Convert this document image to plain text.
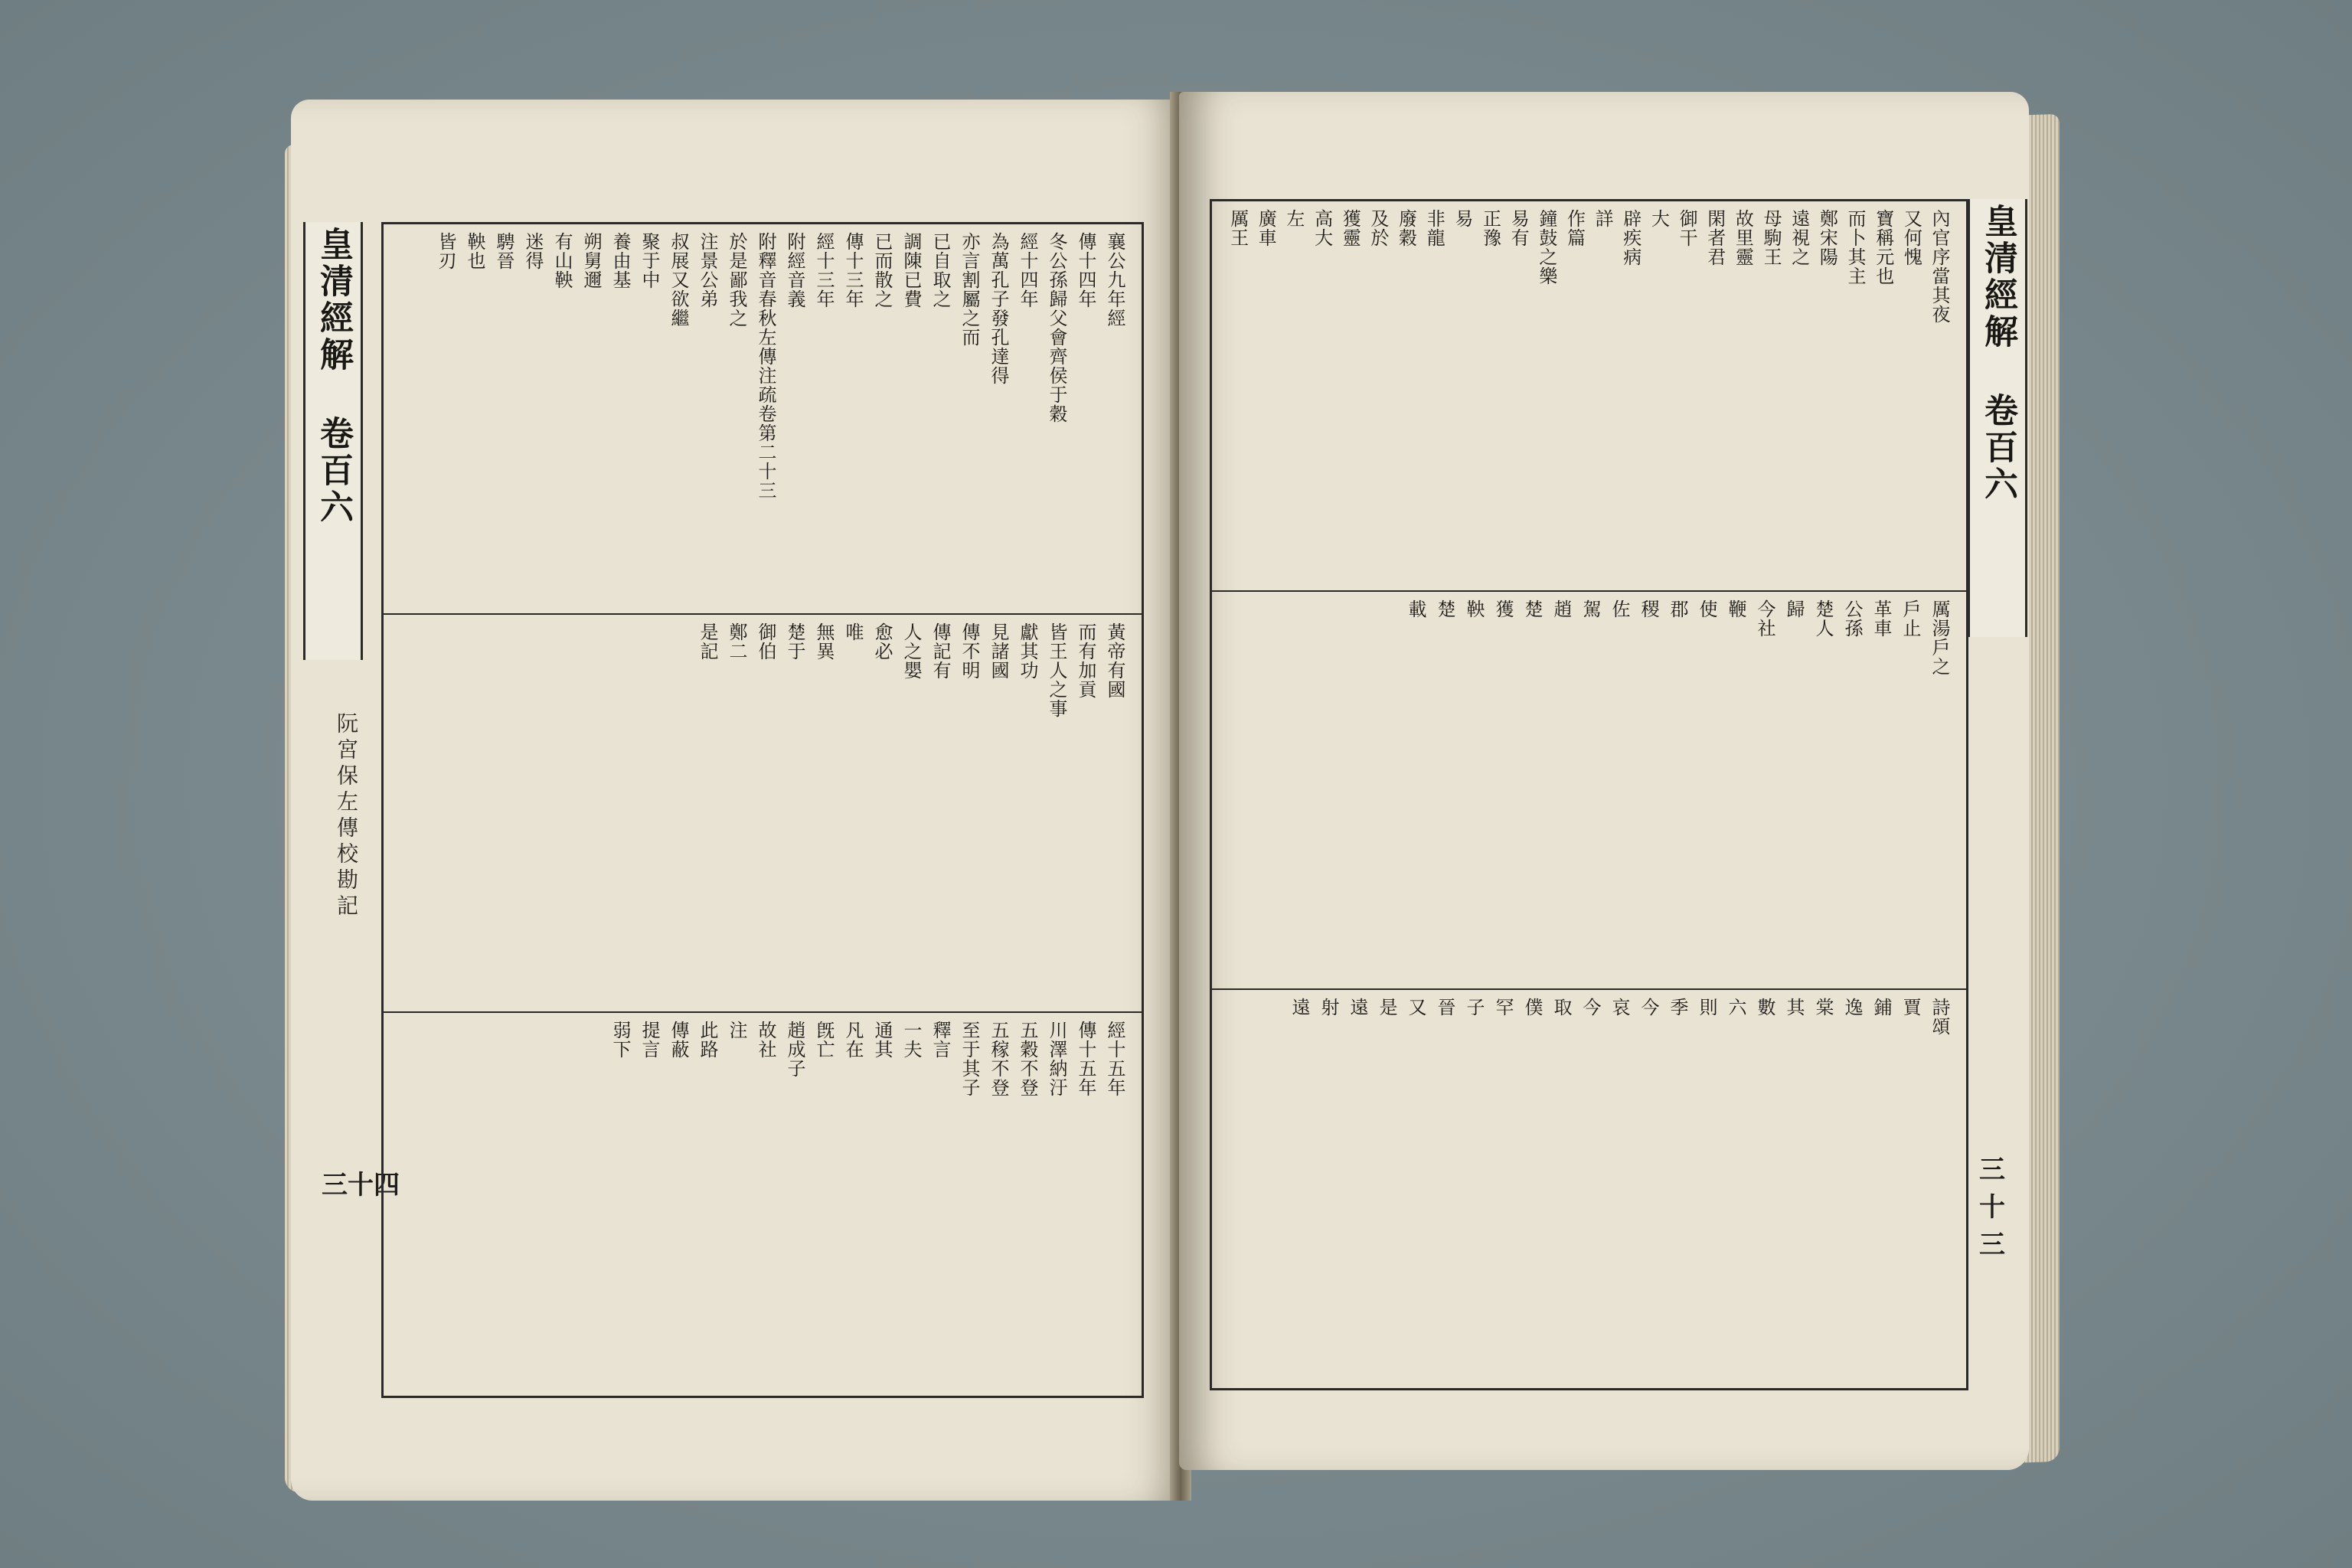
皇清經解 卷百六
阮宮保左傳校勘記
三十四
襄公九年經
傳十四年
冬公孫歸父會齊侯于穀
經十四年
為萬孔子發孔達得
亦言割屬之而
已自取之
調陳已費
已而散之
傳十三年
經十三年
附經音義
附釋音春秋左傳注疏卷第二十三
於是鄙我之
注景公弟
叔展又欲繼
聚于中
養由基
朔舅邇
有山鞅
迷得
騁晉
鞅也
皆刃
黃帝有國
而有加貢
皆王人之事
獻其功
見諸國
傳不明
傳記有
人之嬰
愈必
唯
無異
楚于
御伯
鄭二
是記
經十五年
傳十五年
川澤納汙
五穀不登
五稼不登
至于其子
釋言
一夫
通其
凡在
旣亡
趙成子
故社
注
此路
傳蔽
提言
弱下
皇清經解 卷百六
三十三
內官序當其夜
又何愧
寶稱元也
而卜其主
鄭宋陽
遠視之
母駒王
故里靈
閑者君
御干
大
辟疾病
詳
作篇
鐘鼓之樂
易有
正豫
易
非龍
廢穀
及於
獲靈
高大
左
廣車
厲王
厲湯戶之
戶止
革車
公孫
楚人
歸
今社
鞭
使
郡
稷
佐
駕
趙
楚
獲
鞅
楚
載
詩頌
賈
鋪
逸
棠
其
數
六
則
季
今
哀
今
取
僕
罕
子
晉
又
是
遠
射
遠
